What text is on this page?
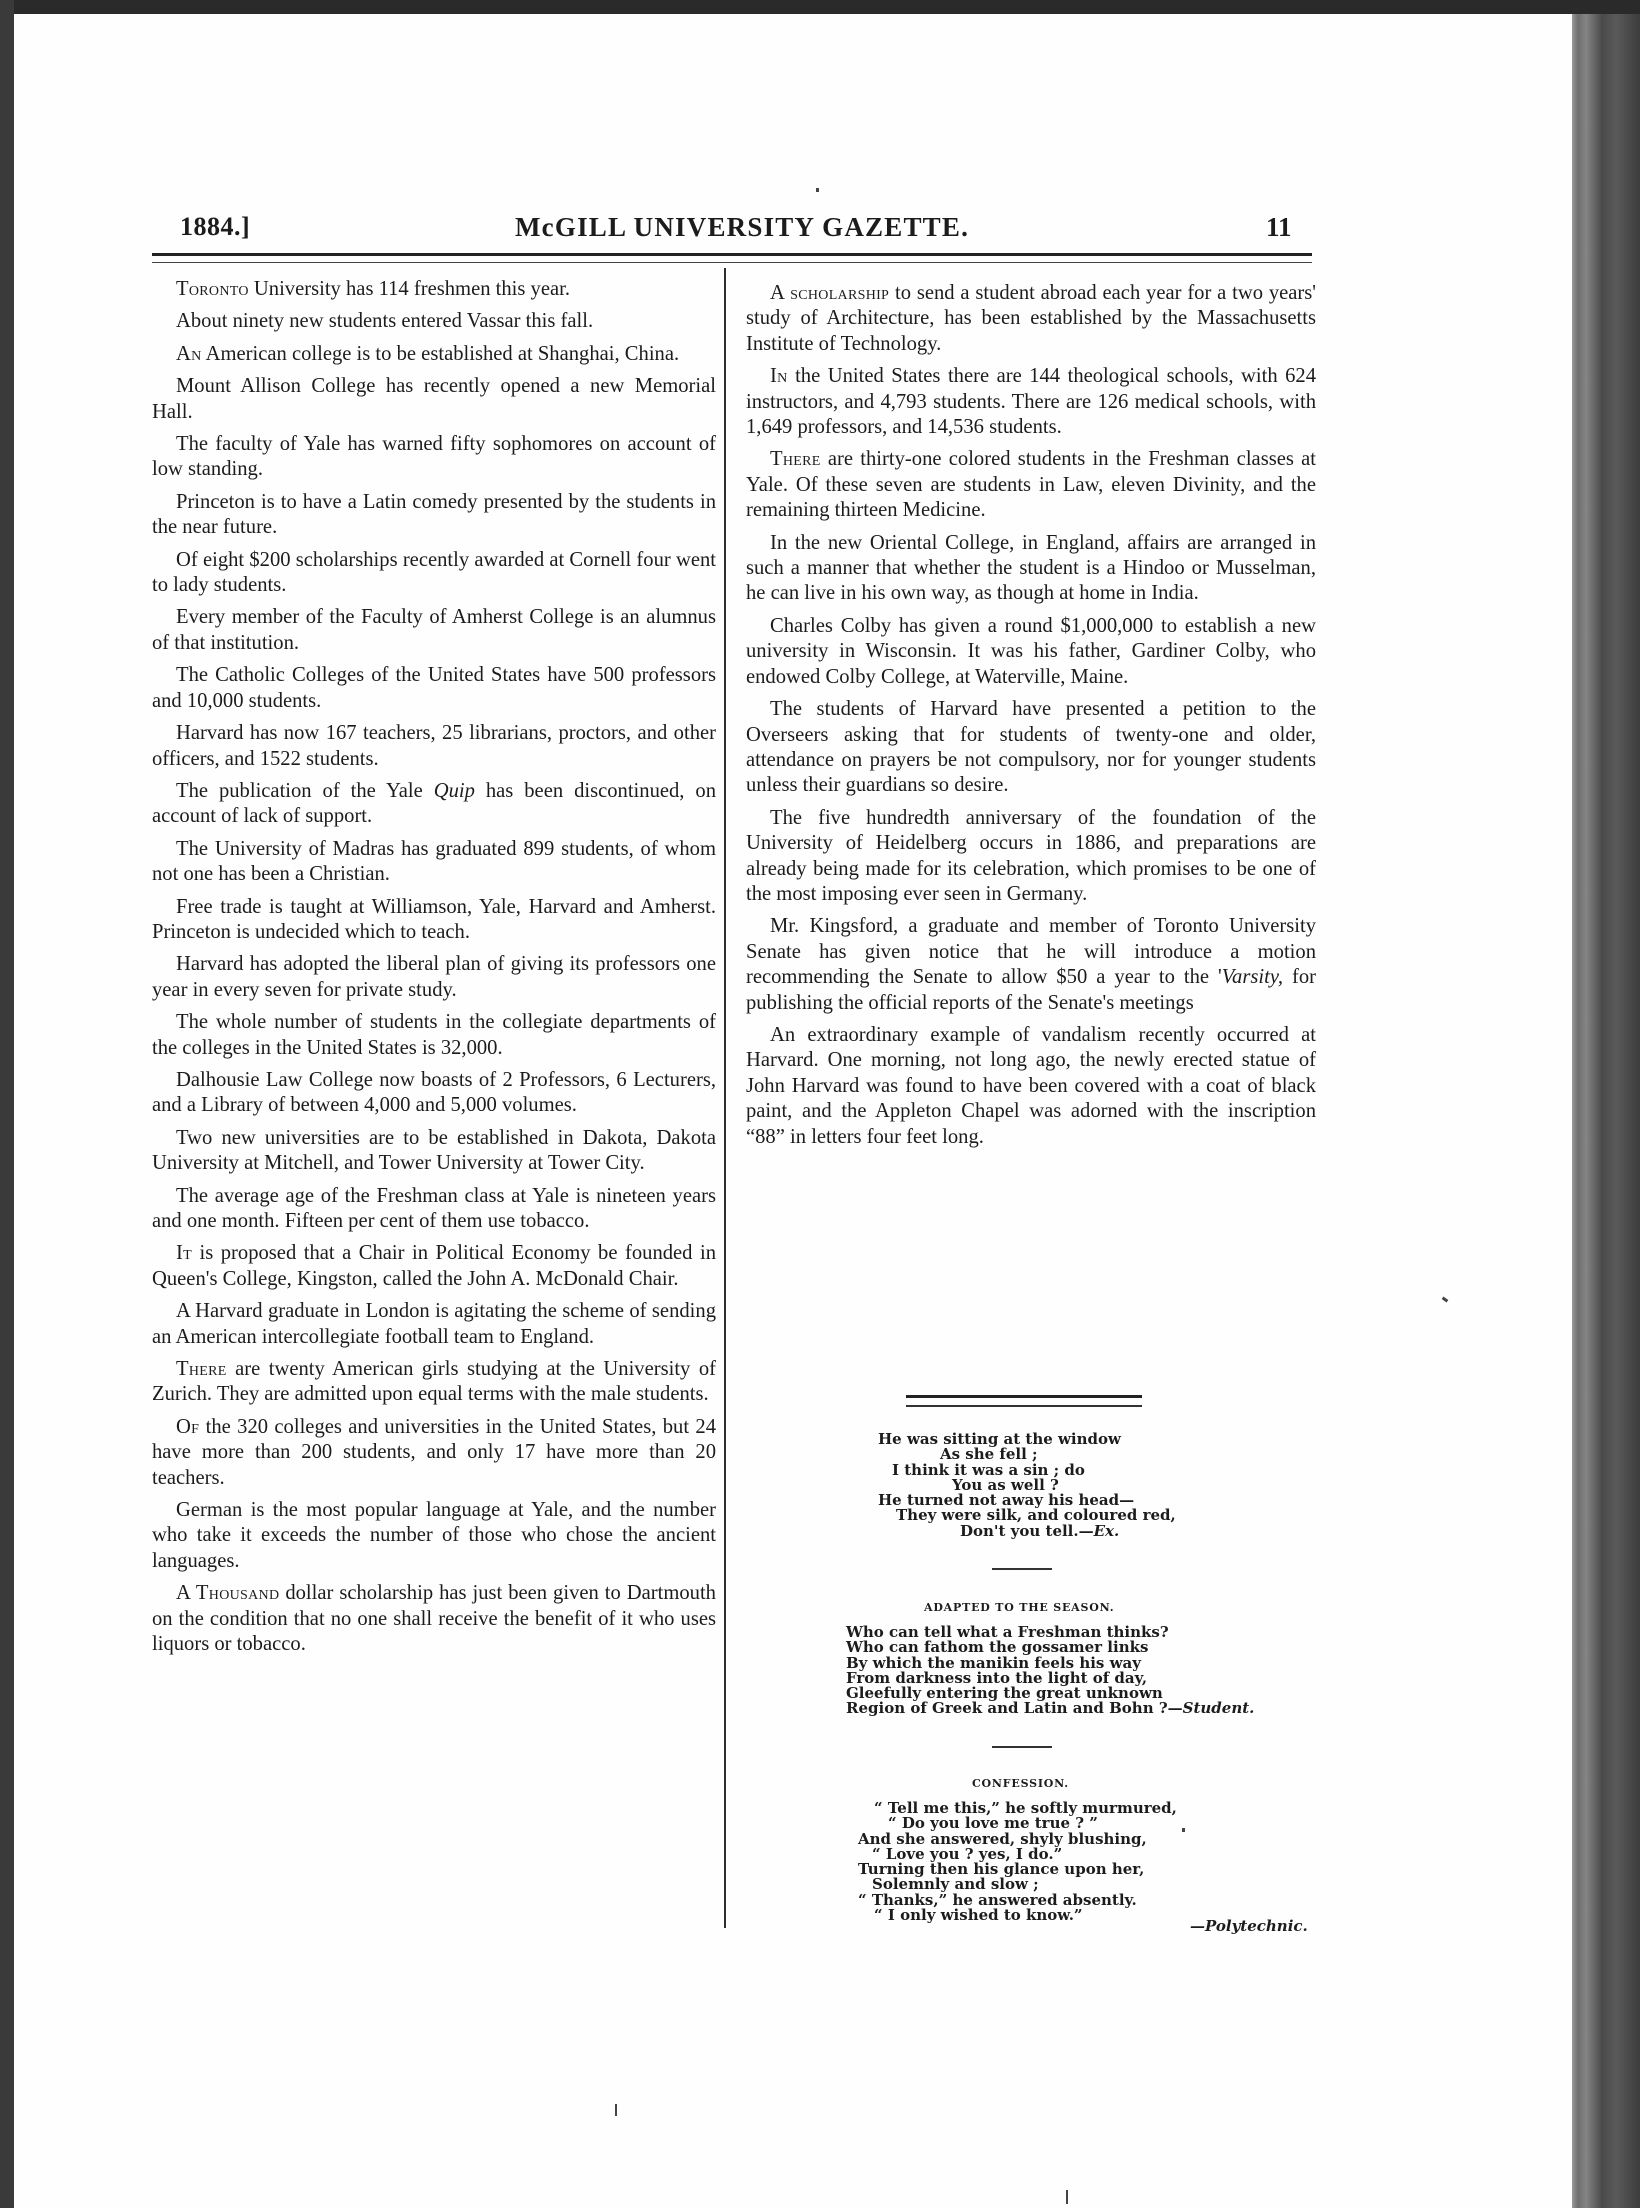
1884.]	McGILL UNIVERSITY GAZETTE.	11

Toronto University has 114 freshmen this year.

About ninety new students entered Vassar this fall.

An American college is to be established at Shanghai, China.

Mount Allison College has recently opened a new Memorial Hall.

The faculty of Yale has warned fifty sophomores on account of low standing.

Princeton is to have a Latin comedy presented by the students in the near future.

Of eight $200 scholarships recently awarded at Cornell four went to lady students.

Every member of the Faculty of Amherst College is an alumnus of that institution.

The Catholic Colleges of the United States have 500 professors and 10,000 students.

Harvard has now 167 teachers, 25 librarians, proctors, and other officers, and 1522 students.

The publication of the Yale Quip has been discontinued, on account of lack of support.

The University of Madras has graduated 899 students, of whom not one has been a Christian.

Free trade is taught at Williamson, Yale, Harvard and Amherst. Princeton is undecided which to teach.

Harvard has adopted the liberal plan of giving its professors one year in every seven for private study.

The whole number of students in the collegiate departments of the colleges in the United States is 32,000.

Dalhousie Law College now boasts of 2 Professors, 6 Lecturers, and a Library of between 4,000 and 5,000 volumes.

Two new universities are to be established in Dakota, Dakota University at Mitchell, and Tower University at Tower City.

The average age of the Freshman class at Yale is nineteen years and one month. Fifteen per cent of them use tobacco.

It is proposed that a Chair in Political Economy be founded in Queen's College, Kingston, called the John A. McDonald Chair.

A Harvard graduate in London is agitating the scheme of sending an American intercollegiate football team to England.

There are twenty American girls studying at the University of Zurich. They are admitted upon equal terms with the male students.

Of the 320 colleges and universities in the United States, but 24 have more than 200 students, and only 17 have more than 20 teachers.

German is the most popular language at Yale, and the number who take it exceeds the number of those who chose the ancient languages.

A Thousand dollar scholarship has just been given to Dartmouth on the condition that no one shall receive the benefit of it who uses liquors or tobacco.

A scholarship to send a student abroad each year for a two years' study of Architecture, has been established by the Massachusetts Institute of Technology.

In the United States there are 144 theological schools, with 624 instructors, and 4,793 students. There are 126 medical schools, with 1,649 professors, and 14,536 students.

There are thirty-one colored students in the Freshman classes at Yale. Of these seven are students in Law, eleven Divinity, and the remaining thirteen Medicine.

In the new Oriental College, in England, affairs are arranged in such a manner that whether the student is a Hindoo or Musselman, he can live in his own way, as though at home in India.

Charles Colby has given a round $1,000,000 to establish a new university in Wisconsin. It was his father, Gardiner Colby, who endowed Colby College, at Waterville, Maine.

The students of Harvard have presented a petition to the Overseers asking that for students of twenty-one and older, attendance on prayers be not compulsory, nor for younger students unless their guardians so desire.

The five hundredth anniversary of the foundation of the University of Heidelberg occurs in 1886, and preparations are already being made for its celebration, which promises to be one of the most imposing ever seen in Germany.

Mr. Kingsford, a graduate and member of Toronto University Senate has given notice that he will introduce a motion recommending the Senate to allow $50 a year to the 'Varsity, for publishing the official reports of the Senate's meetings

An extraordinary example of vandalism recently occurred at Harvard. One morning, not long ago, the newly erected statue of John Harvard was found to have been covered with a coat of black paint, and the Appleton Chapel was adorned with the inscription “88” in letters four feet long.

He was sitting at the window
As she fell ;
I think it was a sin ; do
You as well ?
He turned not away his head—
They were silk, and coloured red,
Don't you tell.—Ex.
ADAPTED TO THE SEASON.
Who can tell what a Freshman thinks?
Who can fathom the gossamer links
By which the manikin feels his way
From darkness into the light of day,
Gleefully entering the great unknown
Region of Greek and Latin and Bohn ?—Student.
CONFESSION.
“ Tell me this,” he softly murmured,
“ Do you love me true ? ”
And she answered, shyly blushing,
“ Love you ? yes, I do.”
Turning then his glance upon her,
Solemnly and slow ;
“ Thanks,” he answered absently.
“ I only wished to know.”
—Polytechnic.
